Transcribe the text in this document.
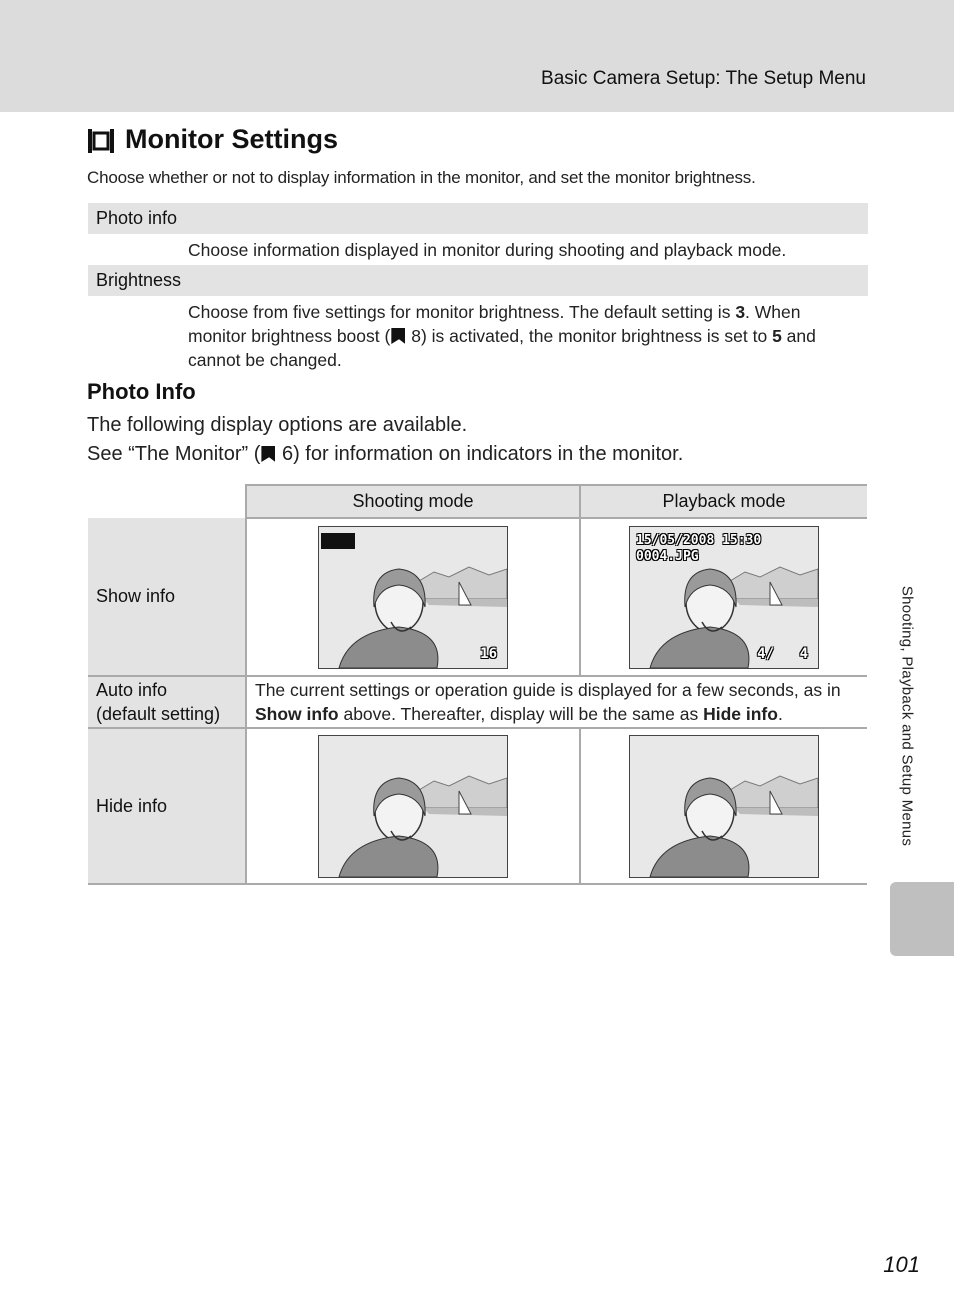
Basic Camera Setup: The Setup Menu
Shooting, Playback and Setup Menus
Monitor Settings
Choose whether or not to display information in the monitor, and set the monitor brightness.
Photo info
Choose information displayed in monitor during shooting and playback mode.
Brightness
Choose from five settings for monitor brightness. The default setting is 3. When monitor brightness boost ( 8) is activated, the monitor brightness is set to 5 and cannot be changed.
Photo Info
The following display options are available.
See “The Monitor” ( 6) for information on indicators in the monitor.
	Shooting mode	Playback mode
Show info	16	15/05/2008 15:30
0004.JPG
4/ 4

Auto info
(default setting)	The current settings or operation guide is displayed for a few seconds, as in Show info above. Thereafter, display will be the same as Hide info.	
Hide info	

101
